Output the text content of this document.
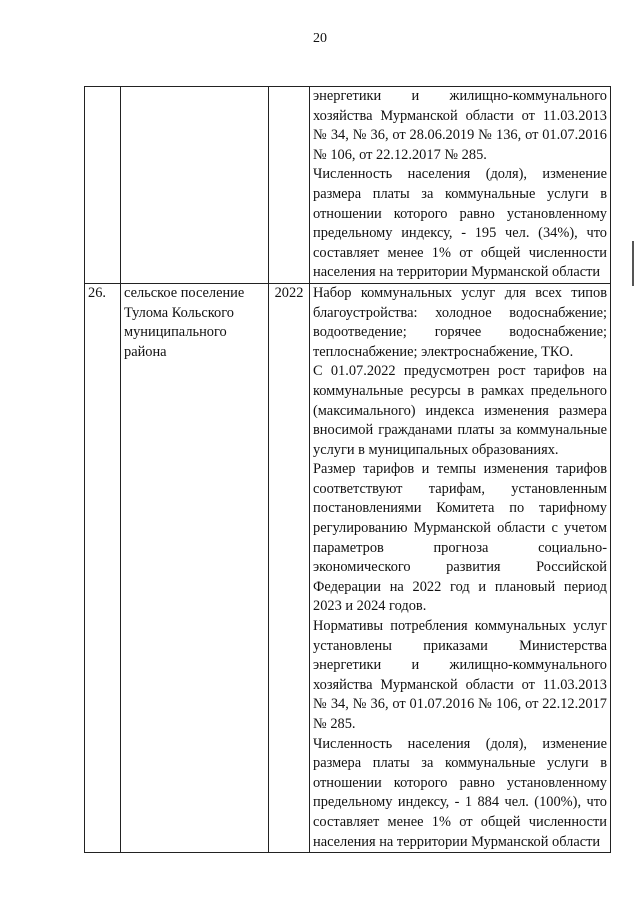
20

			энергетики и жилищно-коммунального хозяйства Мурманской области от 11.03.2013 № 34, № 36, от 28.06.2019 № 136, от 01.07.2016 № 106, от 22.12.2017 № 285.

Численность населения (доля), изменение размера платы за коммунальные услуги в отношении которого равно установленному предельному индексу, - 195 чел. (34%), что составляет менее 1% от общей численности населения на территории Мурманской области

26.	сельское поселение Тулома Кольского муниципального района	2022	Набор коммунальных услуг для всех типов благоустройства: холодное водоснабжение; водоотведение; горячее водоснабжение; теплоснабжение; электроснабжение, ТКО.

С 01.07.2022 предусмотрен рост тарифов на коммунальные ресурсы в рамках предельного (максимального) индекса изменения размера вносимой гражданами платы за коммунальные услуги в муниципальных образованиях.

Размер тарифов и темпы изменения тарифов соответствуют тарифам, установленным постановлениями Комитета по тарифному регулированию Мурманской области с учетом параметров прогноза социально-экономического развития Российской Федерации на 2022 год и плановый период 2023 и 2024 годов.

Нормативы потребления коммунальных услуг установлены приказами Министерства энергетики и жилищно-коммунального хозяйства Мурманской области от 11.03.2013 № 34, № 36, от 01.07.2016 № 106, от 22.12.2017 № 285.

Численность населения (доля), изменение размера платы за коммунальные услуги в отношении которого равно установленному предельному индексу, - 1 884 чел. (100%), что составляет менее 1% от общей численности населения на территории Мурманской области
